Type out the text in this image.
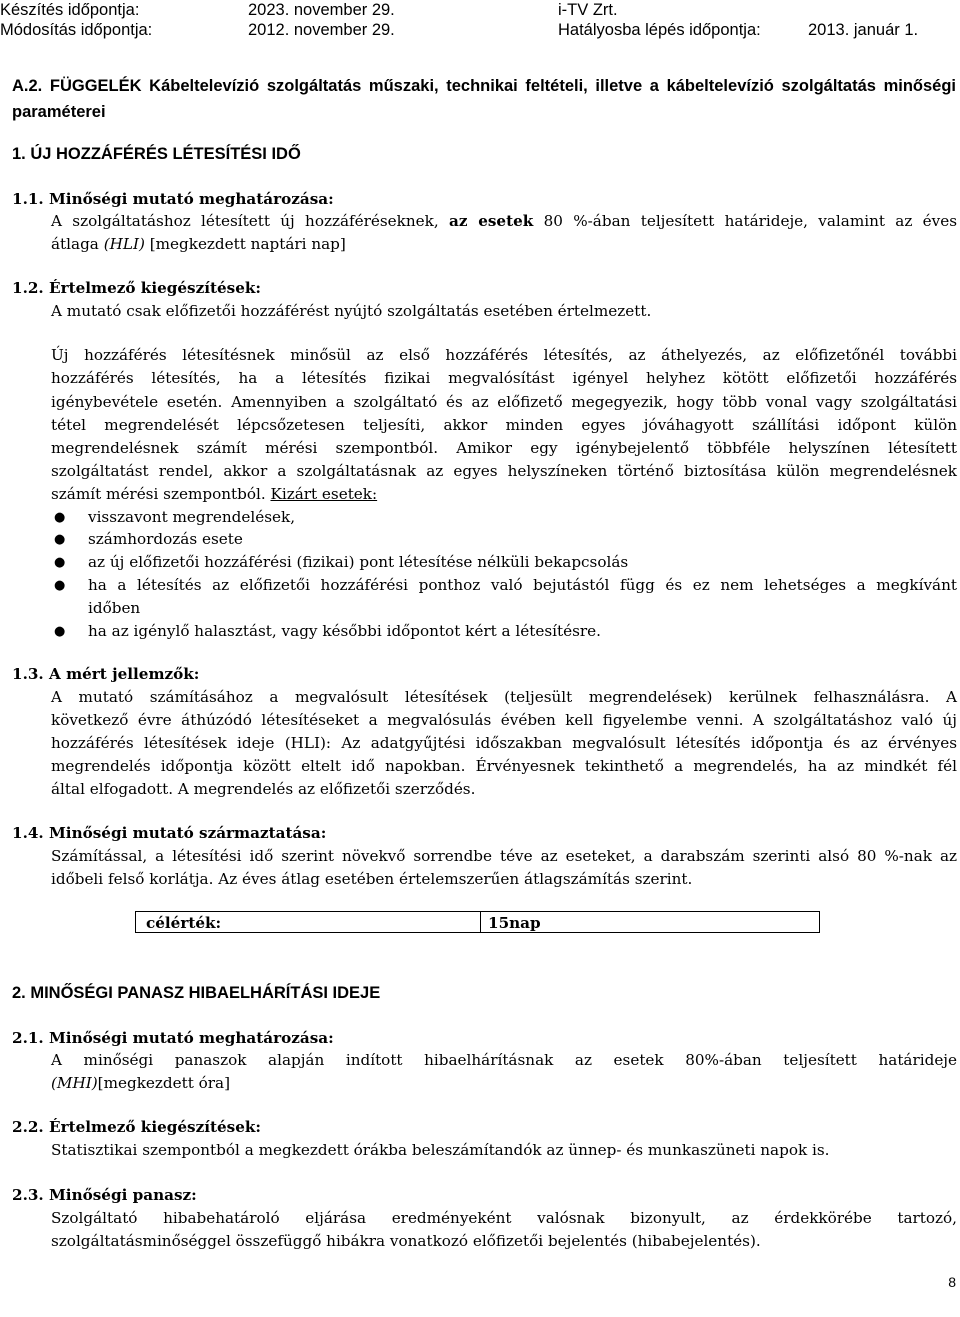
Készítés időpontja:	2023. november 29.	i-TV Zrt.
Módosítás időpontja:	2012. november 29.	Hatályosba lépés időpontja:	2013. január 1.
A.2. FÜGGELÉK Kábeltelevízió szolgáltatás műszaki, technikai feltételi, illetve a kábeltelevízió szolgáltatás minőségi paraméterei
1. ÚJ HOZZÁFÉRÉS LÉTESÍTÉSI IDŐ
1.1. Minőségi mutató meghatározása:
A szolgáltatáshoz létesített új hozzáféréseknek, az esetek 80 %-ában teljesített határideje, valamint az éves
átlaga (HLI) [megkezdett naptári nap]
1.2. Értelmező kiegészítések:
A mutató csak előfizetői hozzáférést nyújtó szolgáltatás esetében értelmezett.
Új hozzáférés létesítésnek minősül az első hozzáférés létesítés, az áthelyezés, az előfizetőnél további
hozzáférés létesítés, ha a létesítés fizikai megvalósítást igényel helyhez kötött előfizetői hozzáférés
igénybevétele esetén. Amennyiben a szolgáltató és az előfizető megegyezik, hogy több vonal vagy szolgáltatási
tétel megrendelését lépcsőzetesen teljesíti, akkor minden egyes jóváhagyott szállítási időpont külön
megrendelésnek számít mérési szempontból. Amikor egy igénybejelentő többféle helyszínen létesített
szolgáltatást rendel, akkor a szolgáltatásnak az egyes helyszíneken történő biztosítása külön megrendelésnek
számít mérési szempontból. Kizárt esetek:
● visszavont megrendelések,
● számhordozás esete
● az új előfizetői hozzáférési (fizikai) pont létesítése nélküli bekapcsolás
● ha a létesítés az előfizetői hozzáférési ponthoz való bejutástól függ és ez nem lehetséges a megkívánt
időben
● ha az igénylő halasztást, vagy későbbi időpontot kért a létesítésre.
1.3. A mért jellemzők:
A mutató számításához a megvalósult létesítések (teljesült megrendelések) kerülnek felhasználásra. A
következő évre áthúzódó létesítéseket a megvalósulás évében kell figyelembe venni. A szolgáltatáshoz való új
hozzáférés létesítések ideje (HLI): Az adatgyűjtési időszakban megvalósult létesítés időpontja és az érvényes
megrendelés időpontja között eltelt idő napokban. Érvényesnek tekinthető a megrendelés, ha az mindkét fél
által elfogadott. A megrendelés az előfizetői szerződés.
1.4. Minőségi mutató származtatása:
Számítással, a létesítési idő szerint növekvő sorrendbe téve az eseteket, a darabszám szerinti alsó 80 %-nak az
időbeli felső korlátja. Az éves átlag esetében értelemszerűen átlagszámítás szerint.
célérték:	15nap
2. MINŐSÉGI PANASZ HIBAELHÁRÍTÁSI IDEJE
2.1. Minőségi mutató meghatározása:
A minőségi panaszok alapján indított hibaelhárításnak az esetek 80%-ában teljesített határideje
(MHI)[megkezdett óra]
2.2. Értelmező kiegészítések:
Statisztikai szempontból a megkezdett órákba beleszámítandók az ünnep- és munkaszüneti napok is.
2.3. Minőségi panasz:
Szolgáltató hibabehatároló eljárása eredményeként valósnak bizonyult, az érdekkörébe tartozó,
szolgáltatásminőséggel összefüggő hibákra vonatkozó előfizetői bejelentés (hibabejelentés).
8
